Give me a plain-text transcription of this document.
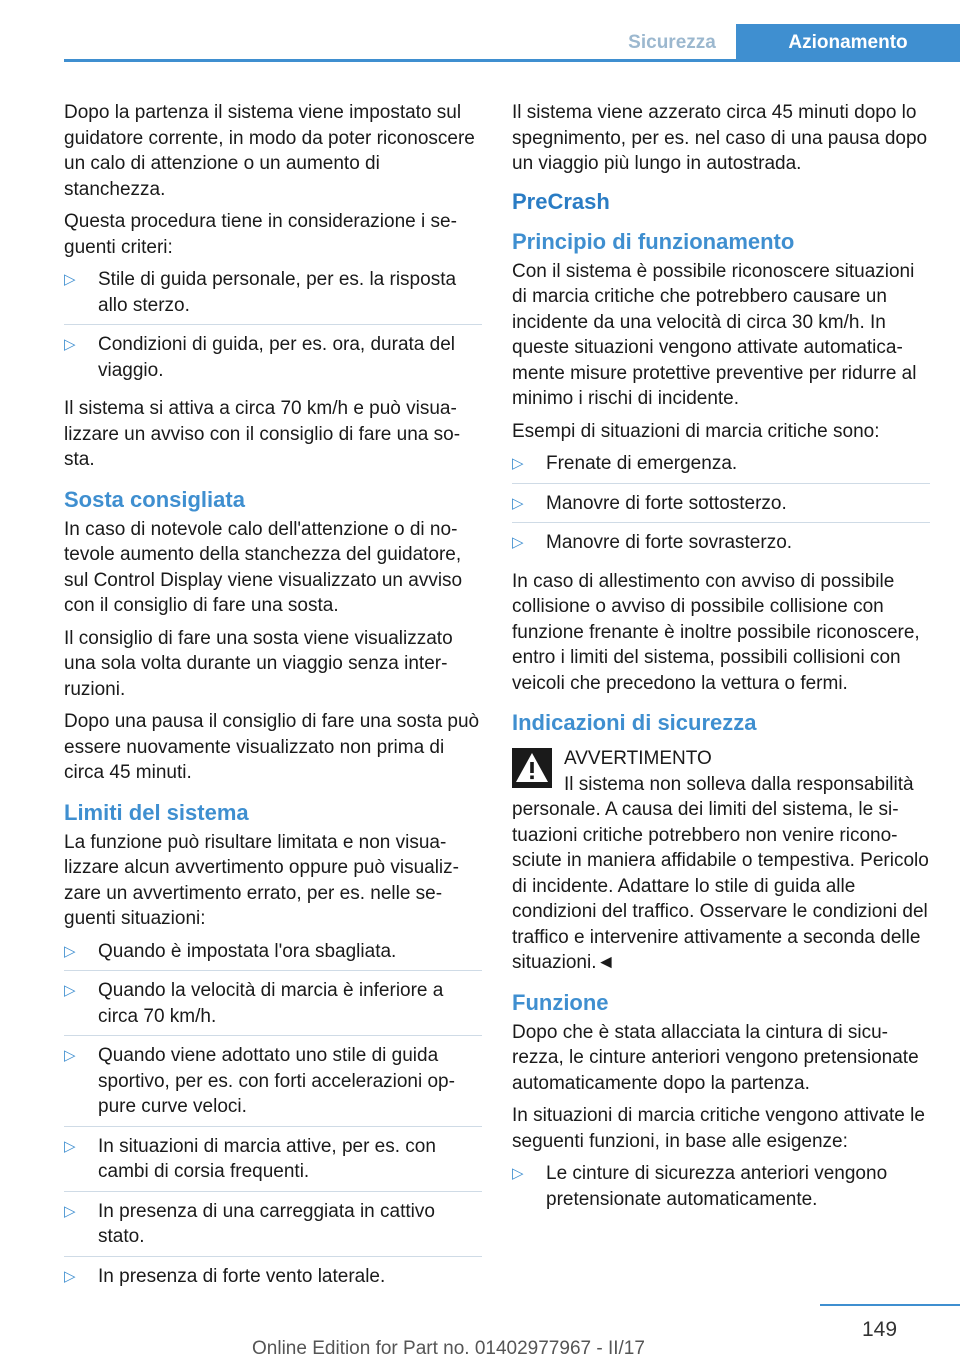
Sicurezza	Azionamento

Dopo la partenza il sistema viene impostato sul guidatore corrente, in modo da poter riconoscere un calo di attenzione o un aumento di stanchezza.

Questa procedura tiene in considerazione i seguenti criteri:

▷ Stile di guida personale, per es. la risposta allo sterzo.
▷ Condizioni di guida, per es. ora, durata del viaggio.

Il sistema si attiva a circa 70 km/h e può visualizzare un avviso con il consiglio di fare una sosta.

Sosta consigliata

In caso di notevole calo dell'attenzione o di notevole aumento della stanchezza del guidatore, sul Control Display viene visualizzato un avviso con il consiglio di fare una sosta.

Il consiglio di fare una sosta viene visualizzato una sola volta durante un viaggio senza interruzioni.

Dopo una pausa il consiglio di fare una sosta può essere nuovamente visualizzato non prima di circa 45 minuti.

Limiti del sistema

La funzione può risultare limitata e non visualizzare alcun avvertimento oppure può visualizzare un avvertimento errato, per es. nelle seguenti situazioni:

▷ Quando è impostata l'ora sbagliata.
▷ Quando la velocità di marcia è inferiore a circa 70 km/h.
▷ Quando viene adottato uno stile di guida sportivo, per es. con forti accelerazioni oppure curve veloci.
▷ In situazioni di marcia attive, per es. con cambi di corsia frequenti.
▷ In presenza di una carreggiata in cattivo stato.
▷ In presenza di forte vento laterale.

Il sistema viene azzerato circa 45 minuti dopo lo spegnimento, per es. nel caso di una pausa dopo un viaggio più lungo in autostrada.

PreCrash
Principio di funzionamento

Con il sistema è possibile riconoscere situazioni di marcia critiche che potrebbero causare un incidente da una velocità di circa 30 km/h. In queste situazioni vengono attivate automaticamente misure protettive preventive per ridurre al minimo i rischi di incidente.

Esempi di situazioni di marcia critiche sono:

▷ Frenate di emergenza.
▷ Manovre di forte sottosterzo.
▷ Manovre di forte sovrasterzo.

In caso di allestimento con avviso di possibile collisione o avviso di possibile collisione con funzione frenante è inoltre possibile riconoscere, entro i limiti del sistema, possibili collisioni con veicoli che precedono la vettura o fermi.

Indicazioni di sicurezza
AVVERTIMENTO
Il sistema non solleva dalla responsabilità personale. A causa dei limiti del sistema, le situazioni critiche potrebbero non venire riconosciute in maniera affidabile o tempestiva. Pericolo di incidente. Adattare lo stile di guida alle condizioni del traffico. Osservare le condizioni del traffico e intervenire attivamente a seconda delle situazioni.◄
Funzione

Dopo che è stata allacciata la cintura di sicurezza, le cinture anteriori vengono pretensionate automaticamente dopo la partenza.

In situazioni di marcia critiche vengono attivate le seguenti funzioni, in base alle esigenze:

▷ Le cinture di sicurezza anteriori vengono pretensionate automaticamente.
149
Online Edition for Part no. 01402977967 - II/17
